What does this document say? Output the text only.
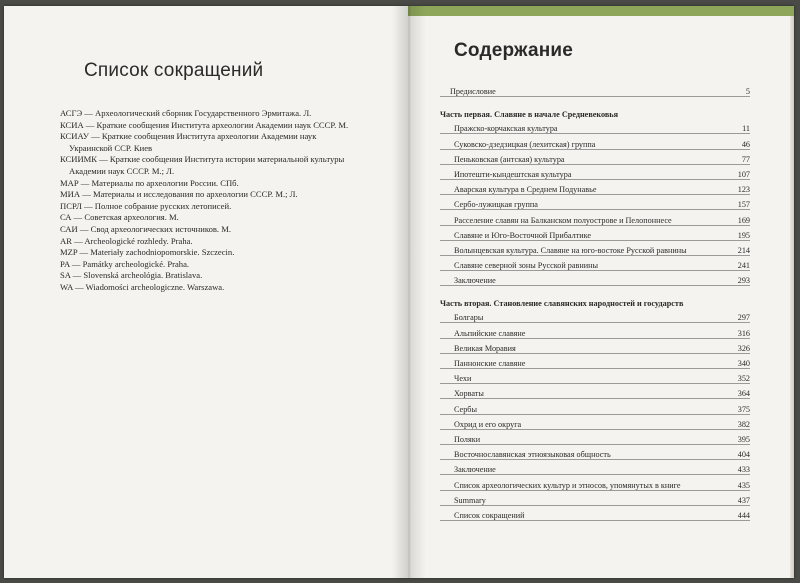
Список сокращений
АСГЭ — Археологический сборник Государственного Эрмитажа. Л.
КСИА — Краткие сообщения Института археологии Академии наук СССР. М.
КСИАУ — Краткие сообщения Института археологии Академии наук Украинской ССР. Киев
КСИИМК — Краткие сообщения Института истории материальной культуры Академии наук СССР. М.; Л.
МАР — Материалы по археологии России. СПб.
МИА — Материалы и исследования по археологии СССР. М.; Л.
ПСРЛ — Полное собрание русских летописей.
СА — Советская археология. М.
САИ — Свод археологических источников. М.
AR — Archeologické rozhledy. Praha.
MZP — Materiały zachodniopomorskie. Szczecin.
PA — Památky archeologické. Praha.
SA — Slovenská archeológia. Bratislava.
WA — Wiadomości archeologiczne. Warszawa.
Содержание
Предисловие	5
Часть первая. Славяне в начале Средневековья
Пражско-корчакская культура	11
Суковско-дзедзицкая (лехитская) группа	46
Пеньковская (антская) культура	77
Ипотешти-кындештская культура	107
Аварская культура в Среднем Подунавье	123
Сербо-лужицкая группа	157
Расселение славян на Балканском полуострове и Пелопоннесе	169
Славяне и Юго-Восточной Прибалтике	195
Волынцевская культура. Славяне на юго-востоке Русской равнины	214
Славяне северной зоны Русской равнины	241
Заключение	293
Часть вторая. Становление славянских народностей и государств
Болгары	297
Альпийские славяне	316
Великая Моравия	326
Паннонские славяне	340
Чехи	352
Хорваты	364
Сербы	375
Охрид и его округа	382
Поляки	395
Восточнославянская этноязыковая общность	404
Заключение	433
Список археологических культур и этносов, упомянутых в книге	435
Summary	437
Список сокращений	444
